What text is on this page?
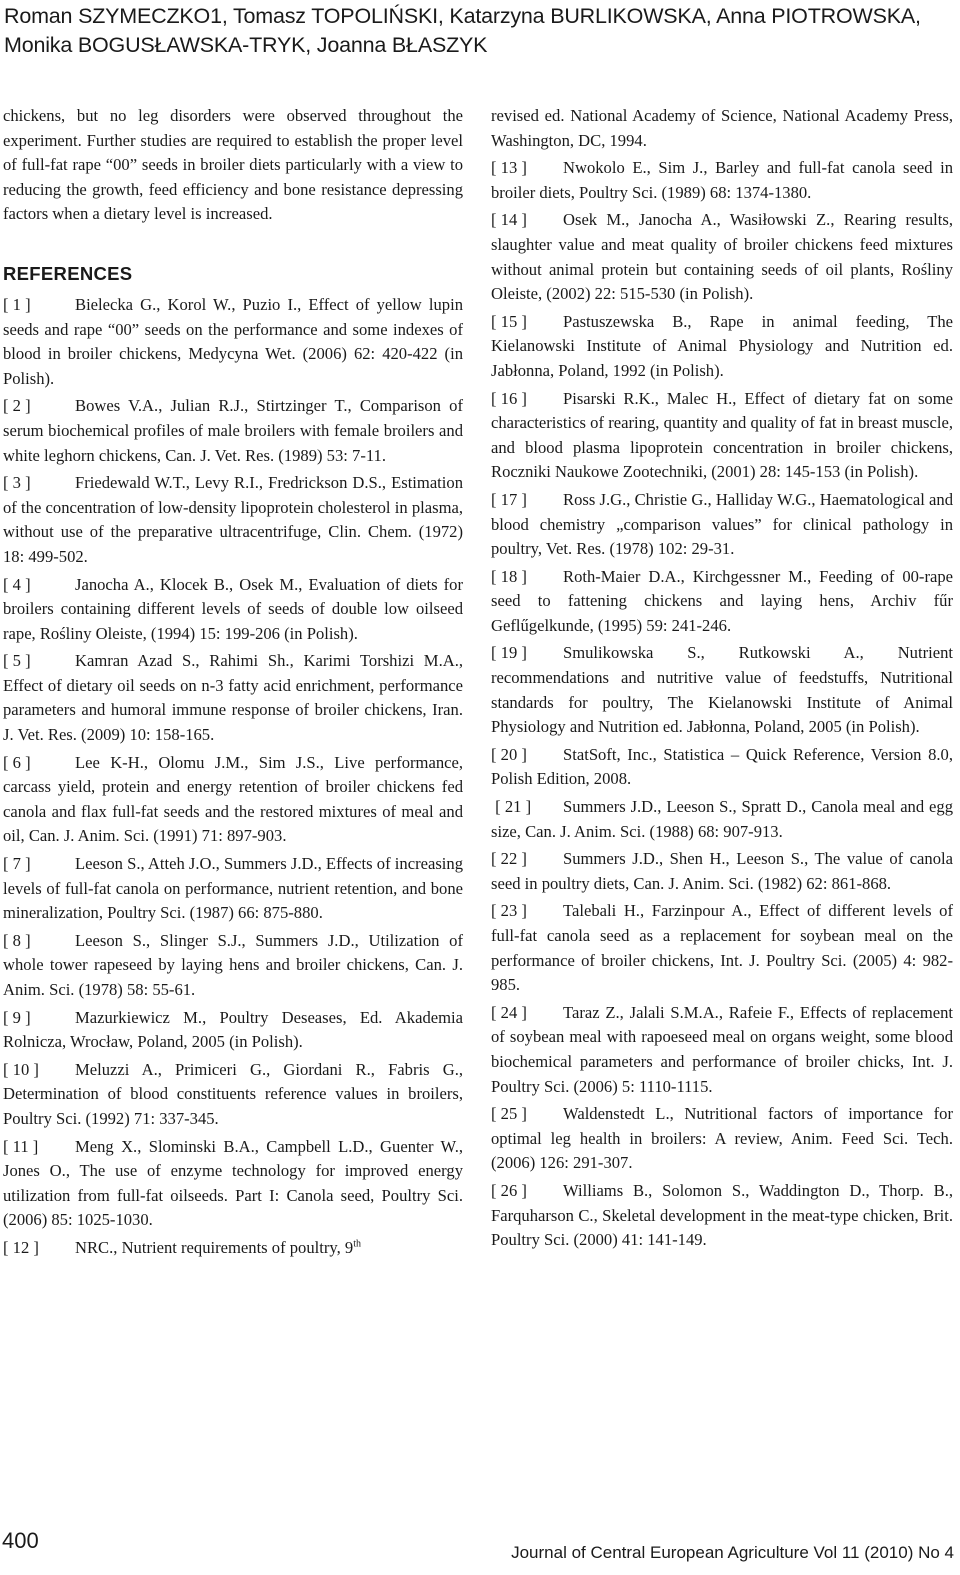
Roman SZYMECZKO1, Tomasz TOPOLIŃSKI, Katarzyna BURLIKOWSKA, Anna PIOTROWSKA, Monika BOGUSŁAWSKA-TRYK, Joanna BŁASZYK

chickens, but no leg disorders were observed throughout the experiment. Further studies are required to establish the proper level of full-fat rape “00” seeds in broiler diets particularly with a view to reducing the growth, feed efficiency and bone resistance depressing factors when a dietary level is increased.

REFERENCES

[ 1 ]	Bielecka G., Korol W., Puzio I., Effect of yellow lupin seeds and rape “00” seeds on the performance and some indexes of blood in broiler chickens, Medycyna Wet. (2006) 62: 420-422 (in Polish).

[ 2 ]	Bowes V.A., Julian R.J., Stirtzinger T., Comparison of serum biochemical profiles of male broilers with female broilers and white leghorn chickens, Can. J. Vet. Res. (1989) 53: 7-11.

[ 3 ]	Friedewald W.T., Levy R.I., Fredrickson D.S., Estimation of the concentration of low-density lipoprotein cholesterol in plasma, without use of the preparative ultracentrifuge, Clin. Chem. (1972) 18: 499-502.

[ 4 ]	Janocha A., Klocek B., Osek M., Evaluation of diets for broilers containing different levels of seeds of double low oilseed rape, Rośliny Oleiste, (1994) 15: 199-206 (in Polish).

[ 5 ]	Kamran Azad S., Rahimi Sh., Karimi Torshizi M.A., Effect of dietary oil seeds on n-3 fatty acid enrichment, performance parameters and humoral immune response of broiler chickens, Iran. J. Vet. Res. (2009) 10: 158-165.

[ 6 ]	Lee K-H., Olomu J.M., Sim J.S., Live performance, carcass yield, protein and energy retention of broiler chickens fed canola and flax full-fat seeds and the restored mixtures of meal and oil, Can. J. Anim. Sci. (1991) 71: 897-903.

[ 7 ]	Leeson S., Atteh J.O., Summers J.D., Effects of increasing levels of full-fat canola on performance, nutrient retention, and bone mineralization, Poultry Sci. (1987) 66: 875-880.

[ 8 ]	Leeson S., Slinger S.J., Summers J.D., Utilization of whole tower rapeseed by laying hens and broiler chickens, Can. J. Anim. Sci. (1978) 58: 55-61.

[ 9 ]	Mazurkiewicz M., Poultry Deseases, Ed. Akademia Rolnicza, Wrocław, Poland, 2005 (in Polish).

[ 10 ] Meluzzi A., Primiceri G., Giordani R., Fabris G., Determination of blood constituents reference values in broilers, Poultry Sci. (1992) 71: 337-345.

[ 11 ] Meng X., Slominski B.A., Campbell L.D., Guenter W., Jones O., The use of enzyme technology for improved energy utilization from full-fat oilseeds. Part I: Canola seed, Poultry Sci. (2006) 85: 1025-1030.

[ 12 ] NRC., Nutrient requirements of poultry, 9th

revised ed. National Academy of Science, National Academy Press, Washington, DC, 1994.

[ 13 ] Nwokolo E., Sim J., Barley and full-fat canola seed in broiler diets, Poultry Sci. (1989) 68: 1374-1380.

[ 14 ] Osek M., Janocha A., Wasiłowski Z., Rearing results, slaughter value and meat quality of broiler chickens feed mixtures without animal protein but containing seeds of oil plants, Rośliny Oleiste, (2002) 22: 515-530 (in Polish).

[ 15 ] Pastuszewska B., Rape in animal feeding, The Kielanowski Institute of Animal Physiology and Nutrition ed. Jabłonna, Poland, 1992 (in Polish).

[ 16 ] Pisarski R.K., Malec H., Effect of dietary fat on some characteristics of rearing, quantity and quality of fat in breast muscle, and blood plasma lipoprotein concentration in broiler chickens, Roczniki Naukowe Zootechniki, (2001) 28: 145-153 (in Polish).

[ 17 ] Ross J.G., Christie G., Halliday W.G., Haematological and blood chemistry „comparison values” for clinical pathology in poultry, Vet. Res. (1978) 102: 29-31.

[ 18 ] Roth-Maier D.A., Kirchgessner M., Feeding of 00-rape seed to fattening chickens and laying hens, Archiv fűr Geflűgelkunde, (1995) 59: 241-246.

[ 19 ] Smulikowska S., Rutkowski A., Nutrient recommendations and nutritive value of feedstuffs, Nutritional standards for poultry, The Kielanowski Institute of Animal Physiology and Nutrition ed. Jabłonna, Poland, 2005 (in Polish).

[ 20 ] StatSoft, Inc., Statistica – Quick Reference, Version 8.0, Polish Edition, 2008.

[ 21 ] Summers J.D., Leeson S., Spratt D., Canola meal and egg size, Can. J. Anim. Sci. (1988) 68: 907-913.

[ 22 ] Summers J.D., Shen H., Leeson S., The value of canola seed in poultry diets, Can. J. Anim. Sci. (1982) 62: 861-868.

[ 23 ] Talebali H., Farzinpour A., Effect of different levels of full-fat canola seed as a replacement for soybean meal on the performance of broiler chickens, Int. J. Poultry Sci. (2005) 4: 982-985.

[ 24 ] Taraz Z., Jalali S.M.A., Rafeie F., Effects of replacement of soybean meal with rapoeseed meal on organs weight, some blood biochemical parameters and performance of broiler chicks, Int. J. Poultry Sci. (2006) 5: 1110-1115.

[ 25 ] Waldenstedt L., Nutritional factors of importance for optimal leg health in broilers: A review, Anim. Feed Sci. Tech. (2006) 126: 291-307.

[ 26 ] Williams B., Solomon S., Waddington D., Thorp. B., Farquharson C., Skeletal development in the meat-type chicken, Brit. Poultry Sci. (2000) 41: 141-149.

400	Journal of Central European Agriculture Vol 11 (2010) No 4
